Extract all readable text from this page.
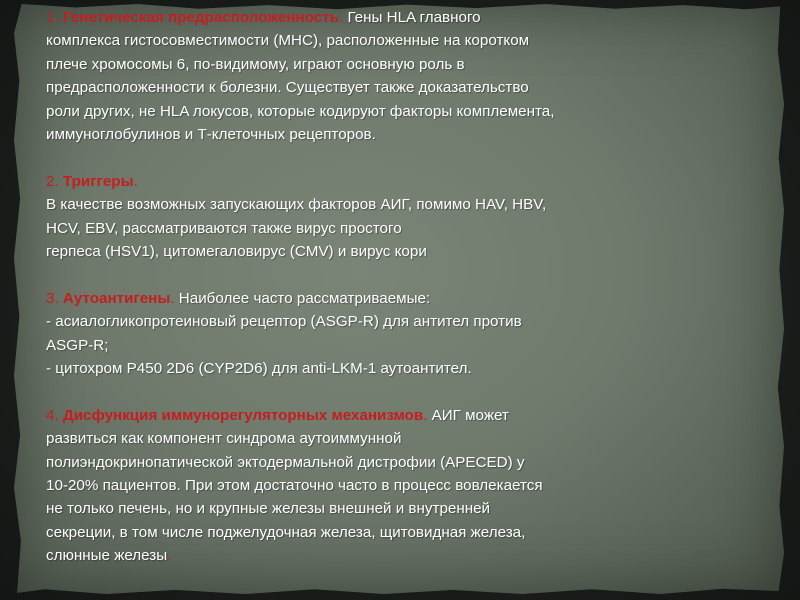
1. Генетическая предрасположенность. Гены HLA главного
комплекса гистосовместимости (MHC), расположенные на коротком
плече хромосомы 6, по-видимому, играют основную роль в
предрасположенности к болезни. Существует также доказательство
роли других, не HLA локусов, которые кодируют факторы комплемента,
иммуноглобулинов и Т-клеточных рецепторов.
2. Триггеры.
В качестве возможных запускающих факторов АИГ, помимо HAV, HBV,
HCV, EBV, рассматриваются также вирус простого
герпеса (HSV1), цитомегаловирус (CMV) и вирус кори
3. Аутоантигены. Наиболее часто рассматриваемые:
- асиалогликопротеиновый рецептор (ASGP-R) для антител против
ASGP-R;
- цитохром P450 2D6 (CYP2D6) для anti-LKM-1 аутоантител.
4. Дисфункция иммунорегуляторных механизмов. АИГ может
развиться как компонент синдрома аутоиммунной
полиэндокринопатической эктодермальной дистрофии (APECED) у
10-20% пациентов. При этом достаточно часто в процесс вовлекается
не только печень, но и крупные железы внешней и внутренней
секреции, в том числе поджелудочная железа, щитовидная железа,
слюнные железы.
